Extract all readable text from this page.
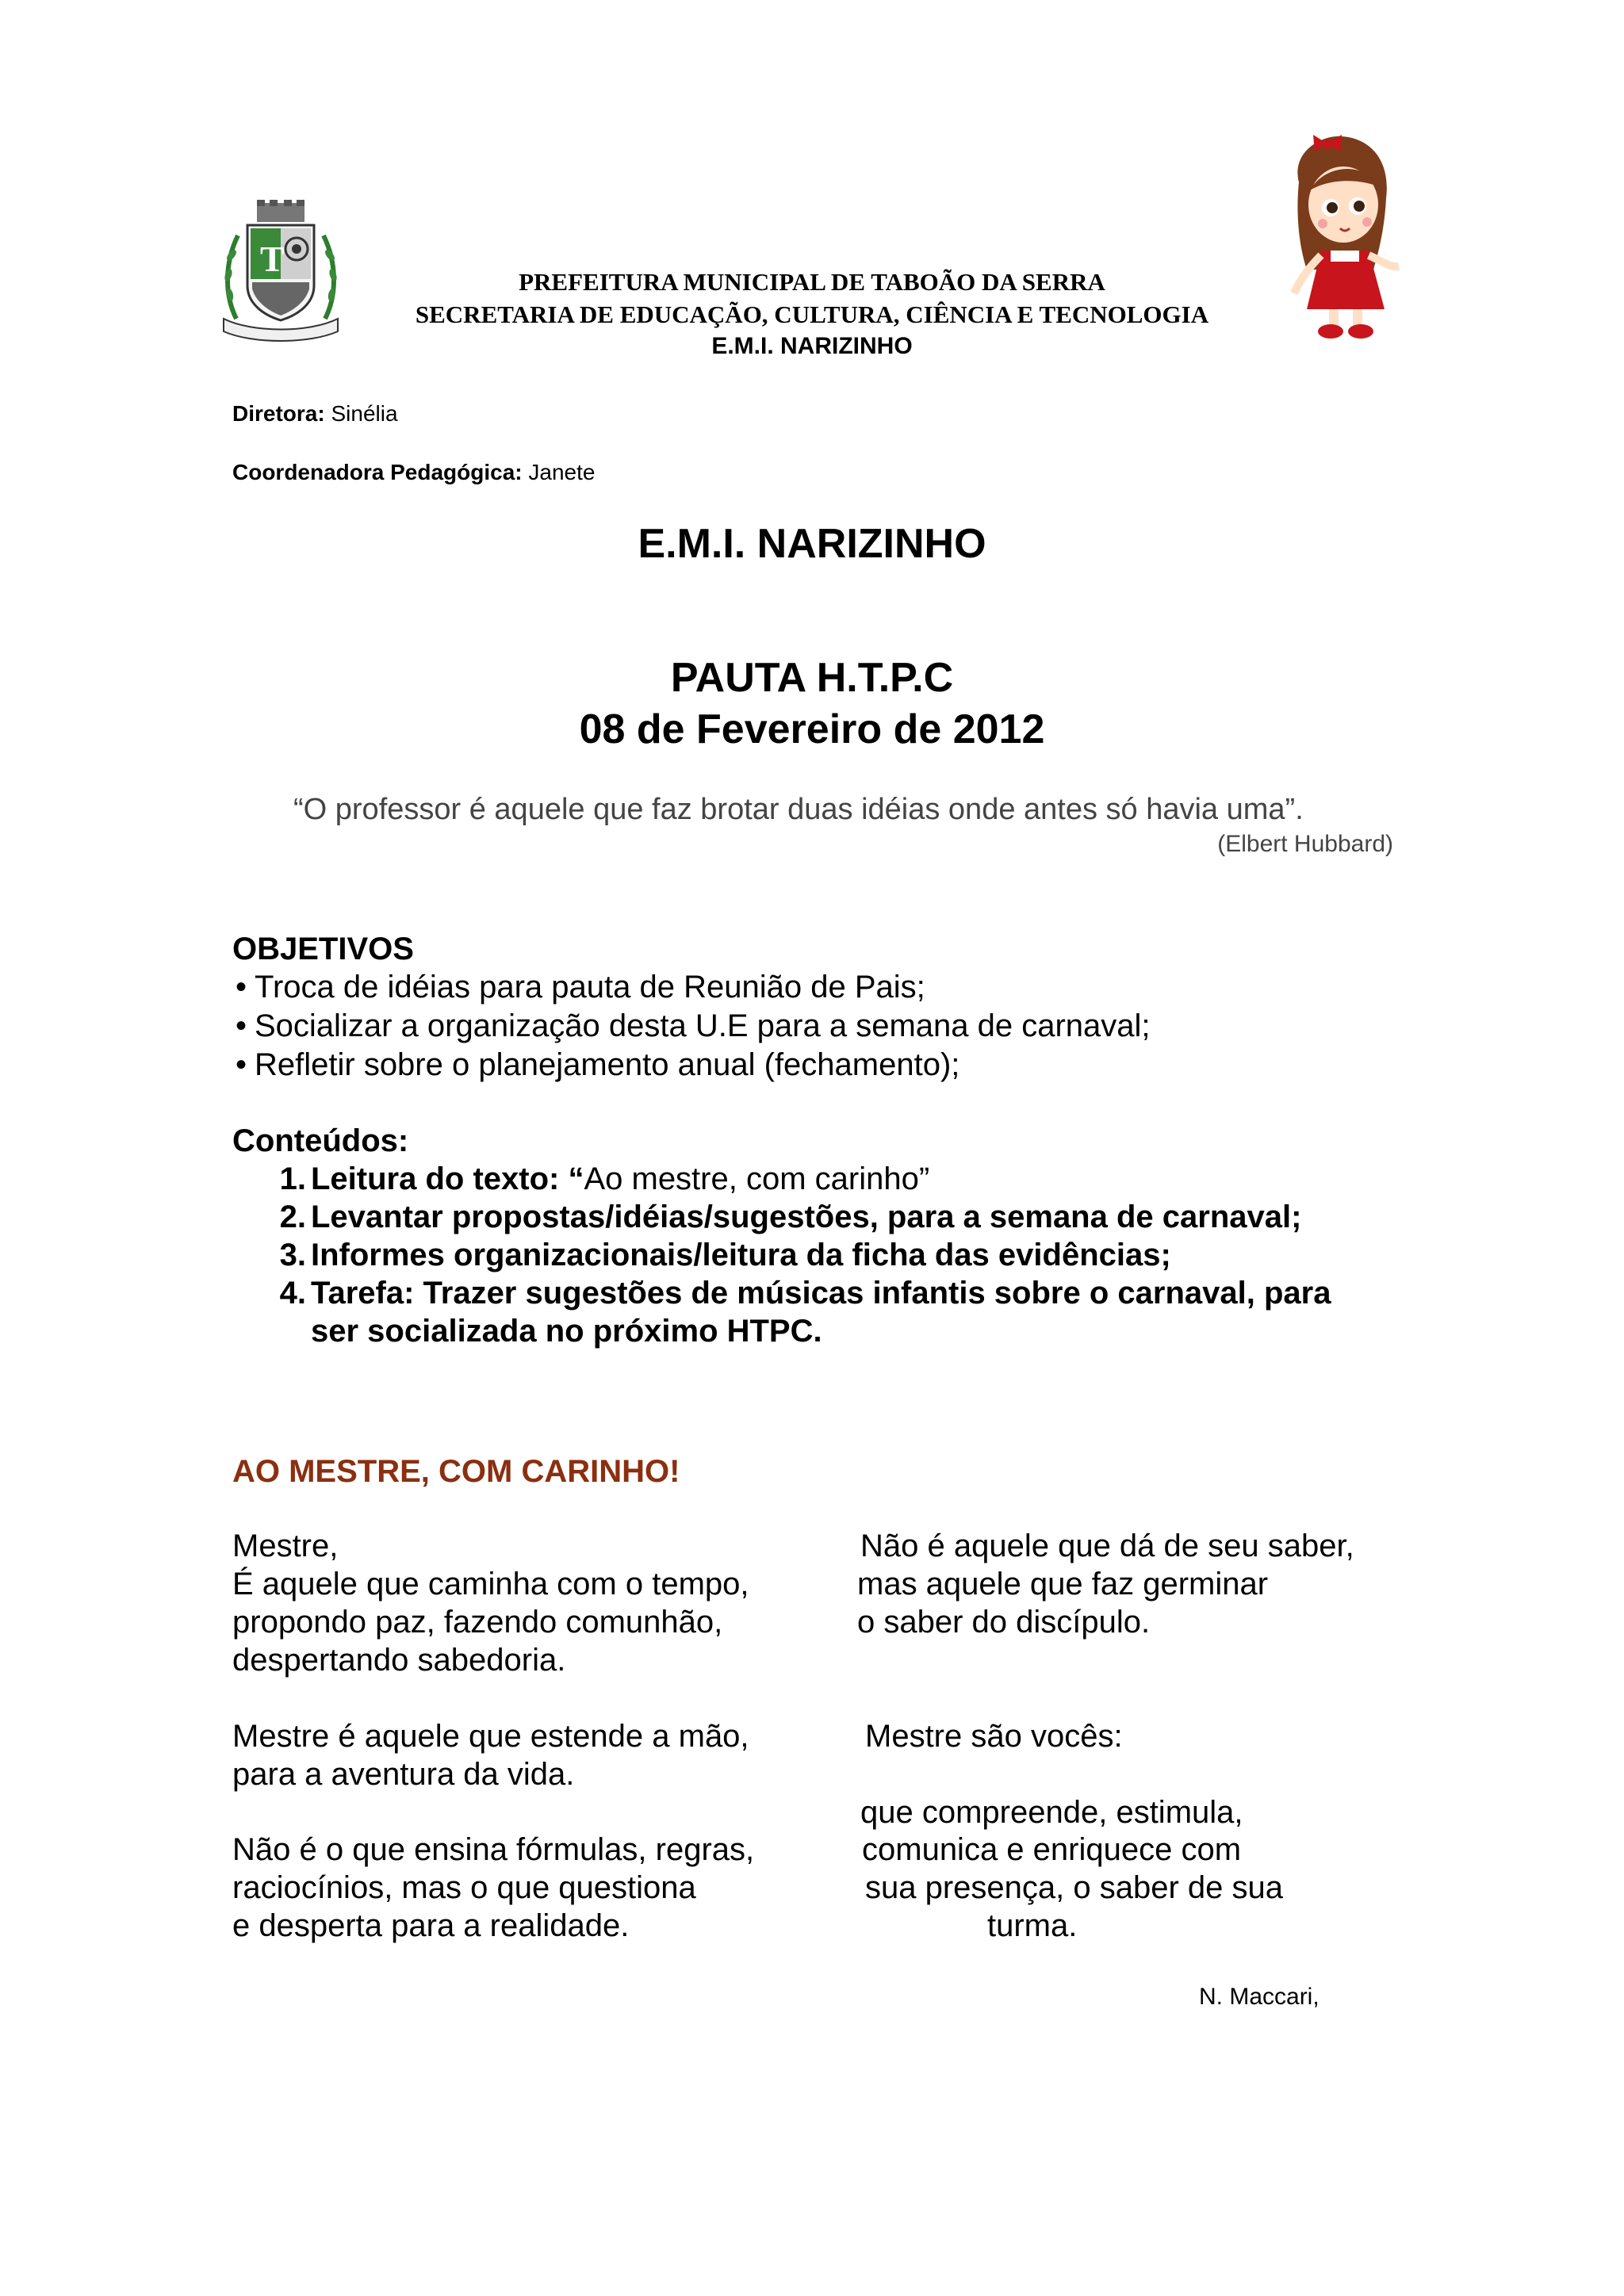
T
PREFEITURA MUNICIPAL DE TABOÃO DA SERRA
SECRETARIA DE EDUCAÇÃO, CULTURA, CIÊNCIA E TECNOLOGIA
E.M.I. NARIZINHO
Diretora: Sinélia
Coordenadora Pedagógica: Janete
E.M.I. NARIZINHO
PAUTA H.T.P.C
08 de Fevereiro de 2012
“O professor é aquele que faz brotar duas idéias onde antes só havia uma”.
(Elbert Hubbard)
OBJETIVOS
• Troca de idéias para pauta de Reunião de Pais;
• Socializar a organização desta U.E para a semana de carnaval;
• Refletir sobre o planejamento anual (fechamento);
Conteúdos:
1. Leitura do texto: “Ao mestre, com carinho”
2. Levantar propostas/idéias/sugestões, para a semana de carnaval;
3. Informes organizacionais/leitura da ficha das evidências;
4. Tarefa: Trazer sugestões de músicas infantis sobre o carnaval, para
ser socializada no próximo HTPC.
AO MESTRE, COM CARINHO!
Mestre,
É aquele que caminha com o tempo,
propondo paz, fazendo comunhão,
despertando sabedoria.
Mestre é aquele que estende a mão,
para a aventura da vida.
Não é o que ensina fórmulas, regras,
raciocínios, mas o que questiona
e desperta para a realidade.
Não é aquele que dá de seu saber,
mas aquele que faz germinar
o saber do discípulo.
Mestre são vocês:
que compreende, estimula,
comunica e enriquece com
sua presença, o saber de sua
turma.
N. Maccari,
